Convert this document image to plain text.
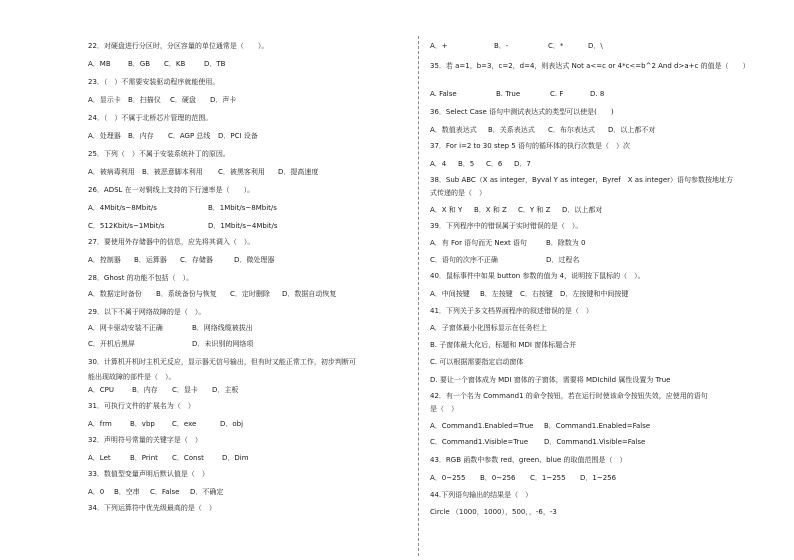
22．对硬盘进行分区时，分区容量的单位通常是（　　）。
A．MB B．GB C．KB	D．TB
23．（　）不需要安装驱动程序就能使用。
A．显示卡 B．扫描仪 C．硬盘 D．声卡
24．（　）不属于北桥芯片管理的范围。
A．处理器 B．内存 C．AGP 总线 D．PCI 设备
25．下列（　）不属于安装系统补丁的原因。
A．被病毒利用 B．被恶意脚本利用 C．被黑客利用 D．提高速度
26．ADSL 在一对铜线上支持的下行速率是（　　）。
A．4Mbit/s~8Mbit/s	B．1Mbit/s~8Mbit/s
C．512Kbit/s~1Mbit/s	D．1Mbit/s~4Mbit/s
27．要使用外存储器中的信息，应先将其调入（　）。
A．控制器 B．运算器 C．存储器	D．微处理器
28．Ghost 的功能不包括（　）。
A．数据定时备份 B．系统备份与恢复 C．定时删除 D．数据自动恢复
29．以下不属于网络故障的是（　）。
A．网卡驱动安装不正确	B．网络线缆被拔出
C．开机后黑屏	D．未识别的网络项
30．计算机开机时主机无反应，显示器无信号输出，但有时又能正常工作，初步判断可
能出现故障的部件是（　）。
A．CPU	B．内存 C．显卡 D．主板
31．可执行文件的扩展名为（　）
A．frm	B．vbp C．exe	D．obj
32．声明符号常量的关键字是（　）
A．Let	B．Print C．Const	D．Dim
33．数值型变量声明后默认值是（　）
A．0 B．空串 C．False D．不确定
34．下列运算符中优先级最高的是（　）
A．+	B．-	C．*	D．\
35．若 a=1，b=3，c=2，d=4，则表达式 Not a<=c or 4*c<=b^2 And d>a+c 的值是（　　）
A. False	B. True	C. F	D. 8
36．Select Case 语句中测试表达式的类型可以使是(　　)
A．数值表达式 B．关系表达式 C．布尔表达式 D．以上都不对
37．For i=2 to 30 step 5 语句的循环体的执行次数是（　）次
A．4 B．5 C．6 D．7
38．Sub ABC（X as integer，Byval Y as integer，Byref　X as integer）语句参数按地址方
式传递的是（　）
A．X 和 Y B．X 和 Z C．Y 和 Z D．以上都对
39．下列程序中的错误属于实时错误的是（　）。
A．有 For 语句而无 Next 语句	B．除数为 0
C．语句的次序不正确	D．过程名
40．鼠标事件中如果 button 参数的值为 4，说明按下鼠标的（　）。
A．中间按键 B．左按键 C．右按键 D．左按键和中间按键
41．下列关于多文档界面程序的叙述错误的是（　）
A．子窗体最小化图标显示在任务栏上
B. 子窗体最大化后，标题和 MDI 窗体标题合并
C. 可以根据需要指定启动窗体
D. 要让一个窗体成为 MDI 窗体的子窗体，需要将 MDIchild 属性设置为 True
42．有一个名为 Command1 的命令按钮，若在运行时使该命令按钮失效，应使用的语句
是（　）
A．Command1.Enabled=True B．Command1.Enabled=False
C．Command1.Visible=True D．Command1.Visible=False
43．RGB 函数中参数 red、green、blue 的取值范围是（　）
A．0~255 B．0~256 C．1~255 D．1~256
44.下列语句输出的结果是（　）
Circle （1000，1000），500，，-6，-3
